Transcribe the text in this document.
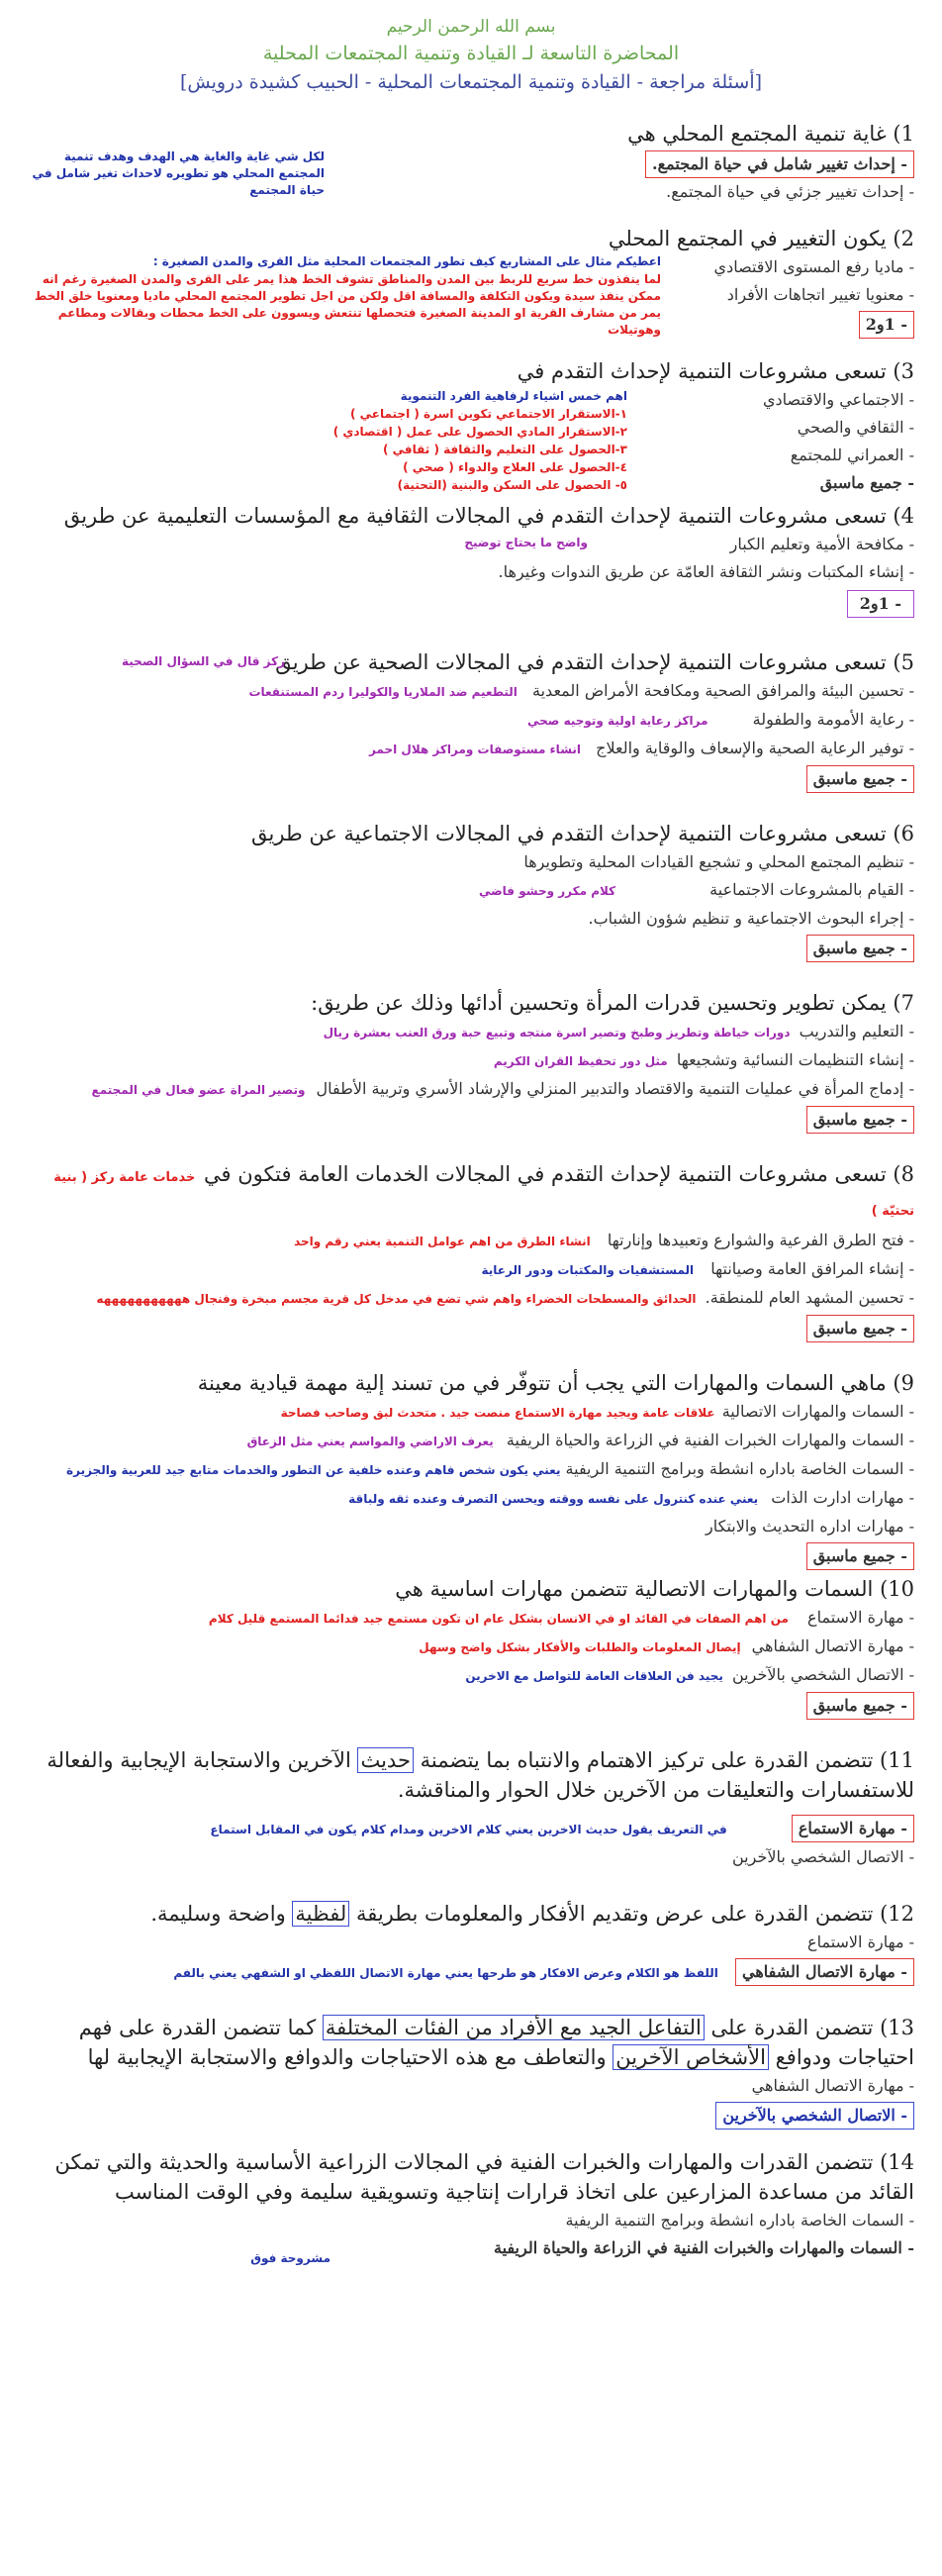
بسم الله الرحمن الرحيم
المحاضرة التاسعة لـ القيادة وتنمية المجتمعات المحلية
[أسئلة مراجعة - القيادة وتنمية المجتمعات المحلية - الحبيب كشيدة درويش]
1) غاية تنمية المجتمع المحلي هي
- إحداث تغيير شامل في حياة المجتمع.
- إحداث تغيير جزئي في حياة المجتمع.
لكل شي غاية والغاية هي الهدف وهدف تنمية المجتمع المحلي هو تطويره لاحداث تغير شامل في حياة المجتمع
2) يكون التغيير في المجتمع المحلي
- ماديا رفع المستوى الاقتصادي
- معنويا تغيير اتجاهات الأفراد
- 1و2
اعطيكم مثال على المشاريع كيف تطور المجتمعات المحلية مثل القرى والمدن الصغيرة :
لما ينفذون خط سريع للربط بين المدن والمناطق تشوف الخط هذا يمر على القرى والمدن الصغيرة رغم انه ممكن ينفذ سيدة ويكون التكلفة والمسافة اقل ولكن من اجل تطوير المجتمع المحلي ماديا ومعنويا خلق الخط يمر من مشارف القرية او المدينة الصغيرة فتحصلها تنتعش ويسوون على الخط محطات وبقالات ومطاعم وهوتيلات
3) تسعى مشروعات التنمية لإحداث التقدم في
- الاجتماعي والاقتصادي
- الثقافي والصحي
- العمراني للمجتمع
- جميع ماسبق
اهم خمس اشياء لرفاهية الفرد التنموية
١-الاستقرار الاجتماعي تكوين اسرة ( اجتماعي )
٢-الاستقرار المادي الحصول على عمل ( اقتصادي )
٣-الحصول على التعليم والثقافة ( ثقافي )
٤-الحصول على العلاج والدواء ( صحي )
٥- الحصول على السكن والبنية (التحتية)
4) تسعى مشروعات التنمية لإحداث التقدم في المجالات الثقافية مع المؤسسات التعليمية عن طريق
- مكافحة الأمية وتعليم الكبار
- إنشاء المكتبات ونشر الثقافة العامّة عن طريق الندوات وغيرها.
- 1و2
واضح ما يحتاج توضيح
5) تسعى مشروعات التنمية لإحداث التقدم في المجالات الصحية عن طريق
- تحسين البيئة والمرافق الصحية ومكافحة الأمراض المعدية التطعيم ضد الملاريا والكوليرا ردم المستنقعات
- رعاية الأمومة والطفولة مراكز رعاية اولية وتوجيه صحي
- توفير الرعاية الصحية والإسعاف والوقاية والعلاج انشاء مستوصفات ومراكز هلال احمر
- جميع ماسبق
ركز قال في السؤال الصحية
6) تسعى مشروعات التنمية لإحداث التقدم في المجالات الاجتماعية عن طريق
- تنظيم المجتمع المحلي و تشجيع القيادات المحلية وتطويرها
- القيام بالمشروعات الاجتماعية كلام مكرر وحشو فاضي
- إجراء البحوث الاجتماعية و تنظيم شؤون الشباب.
- جميع ماسبق
7) يمكن تطوير وتحسين قدرات المرأة وتحسين أدائها وذلك عن طريق:
- التعليم والتدريب دورات خياطة وتطريز وطبخ وتصير اسرة منتجه وتبيع حبة ورق العنب بعشرة ريال
- إنشاء التنظيمات النسائية وتشجيعها مثل دور تحفيظ القران الكريم
- إدماج المرأة في عمليات التنمية والاقتصاد والتدبير المنزلي والإرشاد الأسري وتربية الأطفال وتصير المراة عضو فعال في المجتمع
- جميع ماسبق
8) تسعى مشروعات التنمية لإحداث التقدم في المجالات الخدمات العامة فتكون في خدمات عامة ركز ( بنية تحتيّة )
- فتح الطرق الفرعية والشوارع وتعبيدها وإنارتها انشاء الطرق من اهم عوامل التنمية يعني رقم واحد
- إنشاء المرافق العامة وصيانتها المستشفيات والمكتبات ودور الرعاية
- تحسين المشهد العام للمنطقة. الحدائق والمسطحات الخضراء واهم شي تضع في مدخل كل قرية مجسم مبخرة وفنجال هههههههههههه
- جميع ماسبق
9) ماهي السمات والمهارات التي يجب أن تتوفّر في من تسند إلية مهمة قيادية معينة
- السمات والمهارات الاتصالية علاقات عامة ويجيد مهارة الاستماع منصت جيد . متحدث لبق وصاحب فصاحة
- السمات والمهارات الخبرات الفنية في الزراعة والحياة الريفية يعرف الاراضي والمواسم يعني مثل الزعاق
- السمات الخاصة باداره انشطة وبرامج التنمية الريفية يعني يكون شخص فاهم وعنده خلفية عن التطور والخدمات متابع جيد للعربية والجزيرة
- مهارات ادارت الذات يعني عنده كنترول على نفسه ووقته ويحسن التصرف وعنده ثقه ولباقة
- مهارات اداره التحديث والابتكار
- جميع ماسبق
10) السمات والمهارات الاتصالية تتضمن مهارات اساسية هي
- مهارة الاستماع من اهم الصفات في القائد او في الانسان بشكل عام ان تكون مستمع جيد فدائما المستمع قليل كلام
- مهارة الاتصال الشفاهي إيصال المعلومات والطلبات والأفكار بشكل واضح وسهل
- الاتصال الشخصي بالآخرين يجيد فن العلاقات العامة للتواصل مع الاخرين
- جميع ماسبق
11) تتضمن القدرة على تركيز الاهتمام والانتباه بما يتضمنة حديث الآخرين والاستجابة الإيجابية والفعالة للاستفسارات والتعليقات من الآخرين خلال الحوار والمناقشة.
- مهارة الاستماع في التعريف يقول حديث الاخرين يعني كلام الاخرين ومدام كلام يكون في المقابل استماع
- الاتصال الشخصي بالآخرين
12) تتضمن القدرة على عرض وتقديم الأفكار والمعلومات بطريقة لفظية واضحة وسليمة.
- مهارة الاستماع
- مهارة الاتصال الشفاهي اللفظ هو الكلام وعرض الافكار هو طرحها يعني مهارة الاتصال اللفظي او الشفهي يعني بالفم
13) تتضمن القدرة على التفاعل الجيد مع الأفراد من الفئات المختلفة كما تتضمن القدرة على فهم احتياجات ودوافع الأشخاص الآخرين والتعاطف مع هذه الاحتياجات والدوافع والاستجابة الإيجابية لها
- مهارة الاتصال الشفاهي
- الاتصال الشخصي بالآخرين
14) تتضمن القدرات والمهارات والخبرات الفنية في المجالات الزراعية الأساسية والحديثة والتي تمكن القائد من مساعدة المزارعين على اتخاذ قرارات إنتاجية وتسويقية سليمة وفي الوقت المناسب
- السمات الخاصة باداره انشطة وبرامج التنمية الريفية
- السمات والمهارات والخبرات الفنية في الزراعة والحياة الريفية
مشروحة فوق
